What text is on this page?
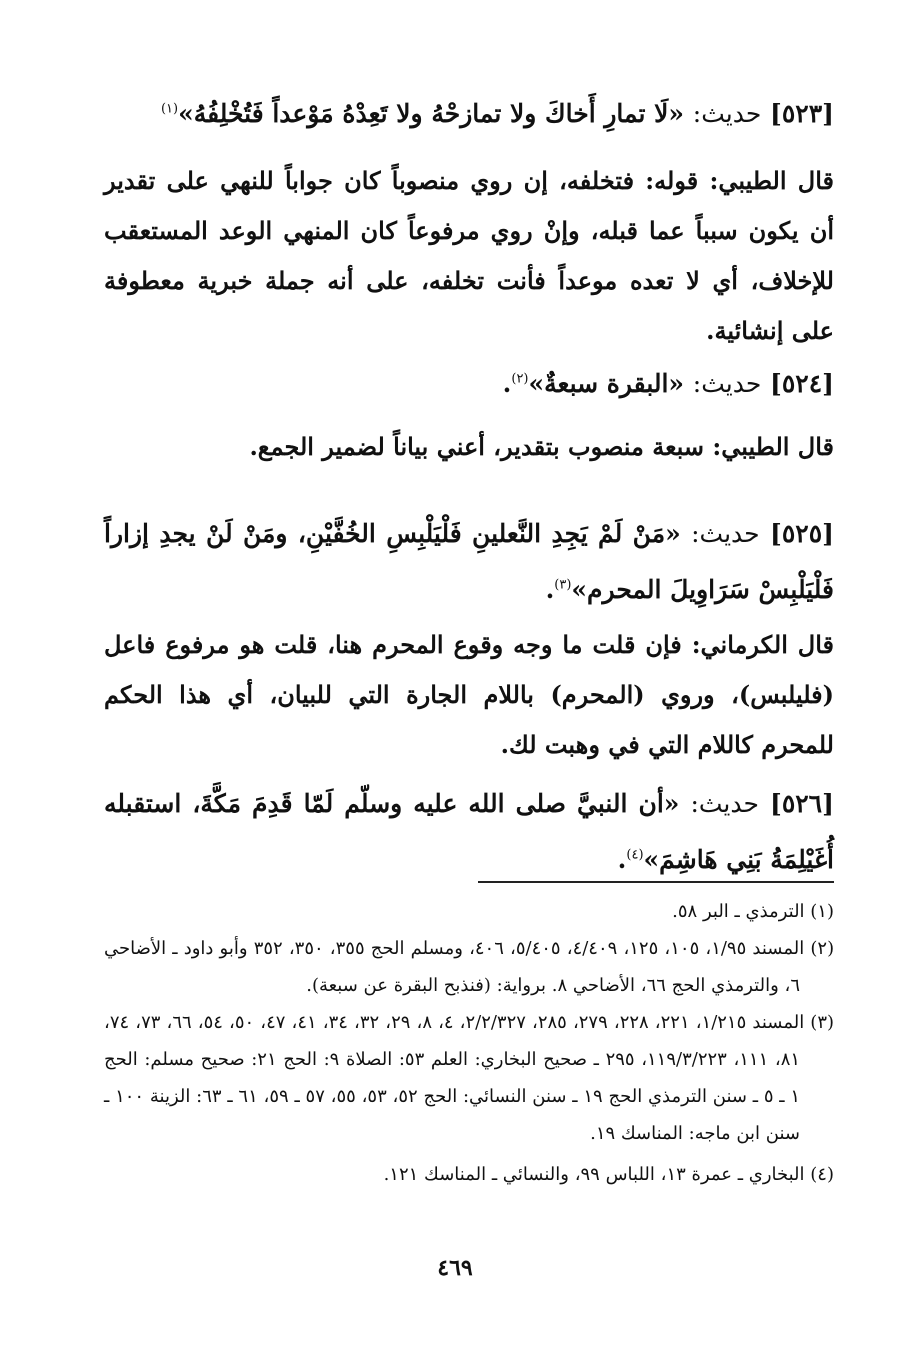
[٥٢٣] حديث: «لَا تمارِ أَخاكَ ولا تمازحْهُ ولا تَعِدْهُ مَوْعداً فَتُخْلِفُهُ»$^{(١)}$
قال الطيبي: قوله: فتخلفه، إن روي منصوباً كان جواباً للنهي على تقدير أن يكون سبباً عما قبله، وإنْ روي مرفوعاً كان المنهي الوعد المستعقب للإخلاف، أي لا تعده موعداً فأنت تخلفه، على أنه جملة خبرية معطوفة على إنشائية.
[٥٢٤] حديث: «البقرة سبعةٌ»$^{(٢)}$.
قال الطيبي: سبعة منصوب بتقدير، أعني بياناً لضمير الجمع.
[٥٢٥] حديث: «مَنْ لَمْ يَجِدِ النَّعلينِ فَلْيَلْبِسِ الخُفَّيْنِ، ومَنْ لَنْ يجدِ إزاراً فَلْيَلْبِسْ سَرَاوِيلَ المحرم»$^{(٣)}$.
قال الكرماني: فإن قلت ما وجه وقوع المحرم هنا، قلت هو مرفوع فاعل (فليلبس)، وروي (المحرم) باللام الجارة التي للبيان، أي هذا الحكم للمحرم كاللام التي في وهبت لك.
[٥٢٦] حديث: «أن النبيَّ صلى الله عليه وسلّم لَمّا قَدِمَ مَكَّةَ، استقبله أُغَيْلِمَةُ بَنِي هَاشِمَ»$^{(٤)}$.

(١) الترمذي ـ البر ٥٨.

(٢) المسند ١/٩٥، ١٠٥، ١٢٥، ٤/٤٠٩، ٥/٤٠٥، ٤٠٦، ومسلم الحج ٣٥٥، ٣٥٠، ٣٥٢ وأبو داود ـ الأضاحي ٦، والترمذي الحج ٦٦، الأضاحي ٨. برواية: (فنذبح البقرة عن سبعة).

(٣) المسند ١/٢١٥، ٢٢١، ٢٢٨، ٢٧٩، ٢٨٥، ٢/٢/٣٢٧، ٤، ٨، ٢٩، ٣٢، ٣٤، ٤١، ٤٧، ٥٠، ٥٤، ٦٦، ٧٣، ٧٤، ٨١، ١١١، ١١٩/٣/٢٢٣، ٢٩٥ ـ صحيح البخاري: العلم ٥٣: الصلاة ٩: الحج ٢١: صحيح مسلم: الحج ١ ـ ٥ ـ سنن الترمذي الحج ١٩ ـ سنن النسائي: الحج ٥٢، ٥٣، ٥٥، ٥٧ ـ ٥٩، ٦١ ـ ٦٣: الزينة ١٠٠ ـ سنن ابن ماجه: المناسك ١٩.

(٤) البخاري ـ عمرة ١٣، اللباس ٩٩، والنسائي ـ المناسك ١٢١.

٤٦٩
